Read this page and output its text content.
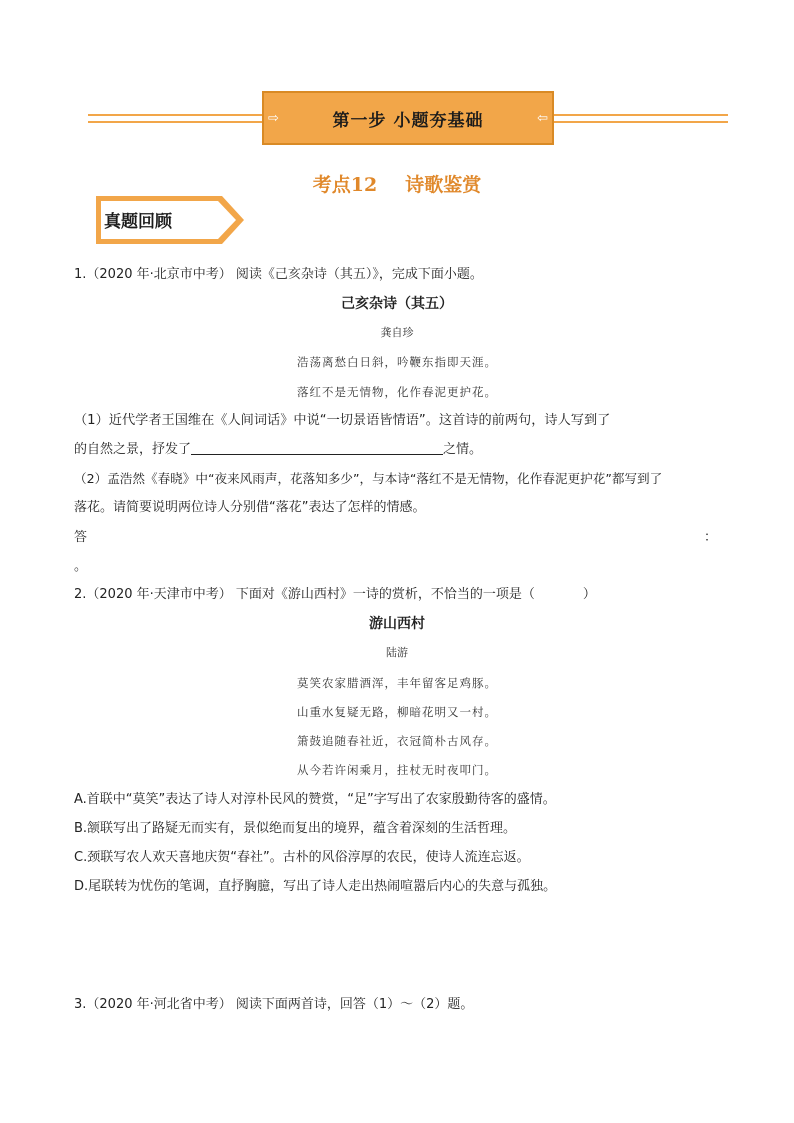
⇨	第一步 小题夯基础	⇦
考点12 诗歌鉴赏
真题回顾
1.（2020 年·北京市中考） 阅读《己亥杂诗（其五）》，完成下面小题。
己亥杂诗（其五）
龚自珍
浩荡离愁白日斜，吟鞭东指即天涯。
落红不是无情物，化作春泥更护花。
（1）近代学者王国维在《人间词话》中说“一切景语皆情语”。这首诗的前两句，诗人写到了
的自然之景，抒发了	之情。
（2）孟浩然《春晓》中“夜来风雨声，花落知多少”，与本诗“落红不是无情物，化作春泥更护花”都写到了
落花。请简要说明两位诗人分别借“落花”表达了怎样的情感。
答	：
。
2.（2020 年·天津市中考） 下面对《游山西村》一诗的赏析，不恰当的一项是（	）
游山西村
陆游
莫笑农家腊酒浑，丰年留客足鸡豚。
山重水复疑无路，柳暗花明又一村。
箫鼓追随春社近，衣冠简朴古风存。
从今若许闲乘月，拄杖无时夜叩门。
A.首联中“莫笑”表达了诗人对淳朴民风的赞赏，“足”字写出了农家殷勤待客的盛情。
B.颔联写出了路疑无而实有，景似绝而复出的境界，蕴含着深刻的生活哲理。
C.颈联写农人欢天喜地庆贺“春社”。古朴的风俗淳厚的农民，使诗人流连忘返。
D.尾联转为忧伤的笔调，直抒胸臆，写出了诗人走出热闹喧嚣后内心的失意与孤独。
3.（2020 年·河北省中考） 阅读下面两首诗，回答（1）～（2）题。
